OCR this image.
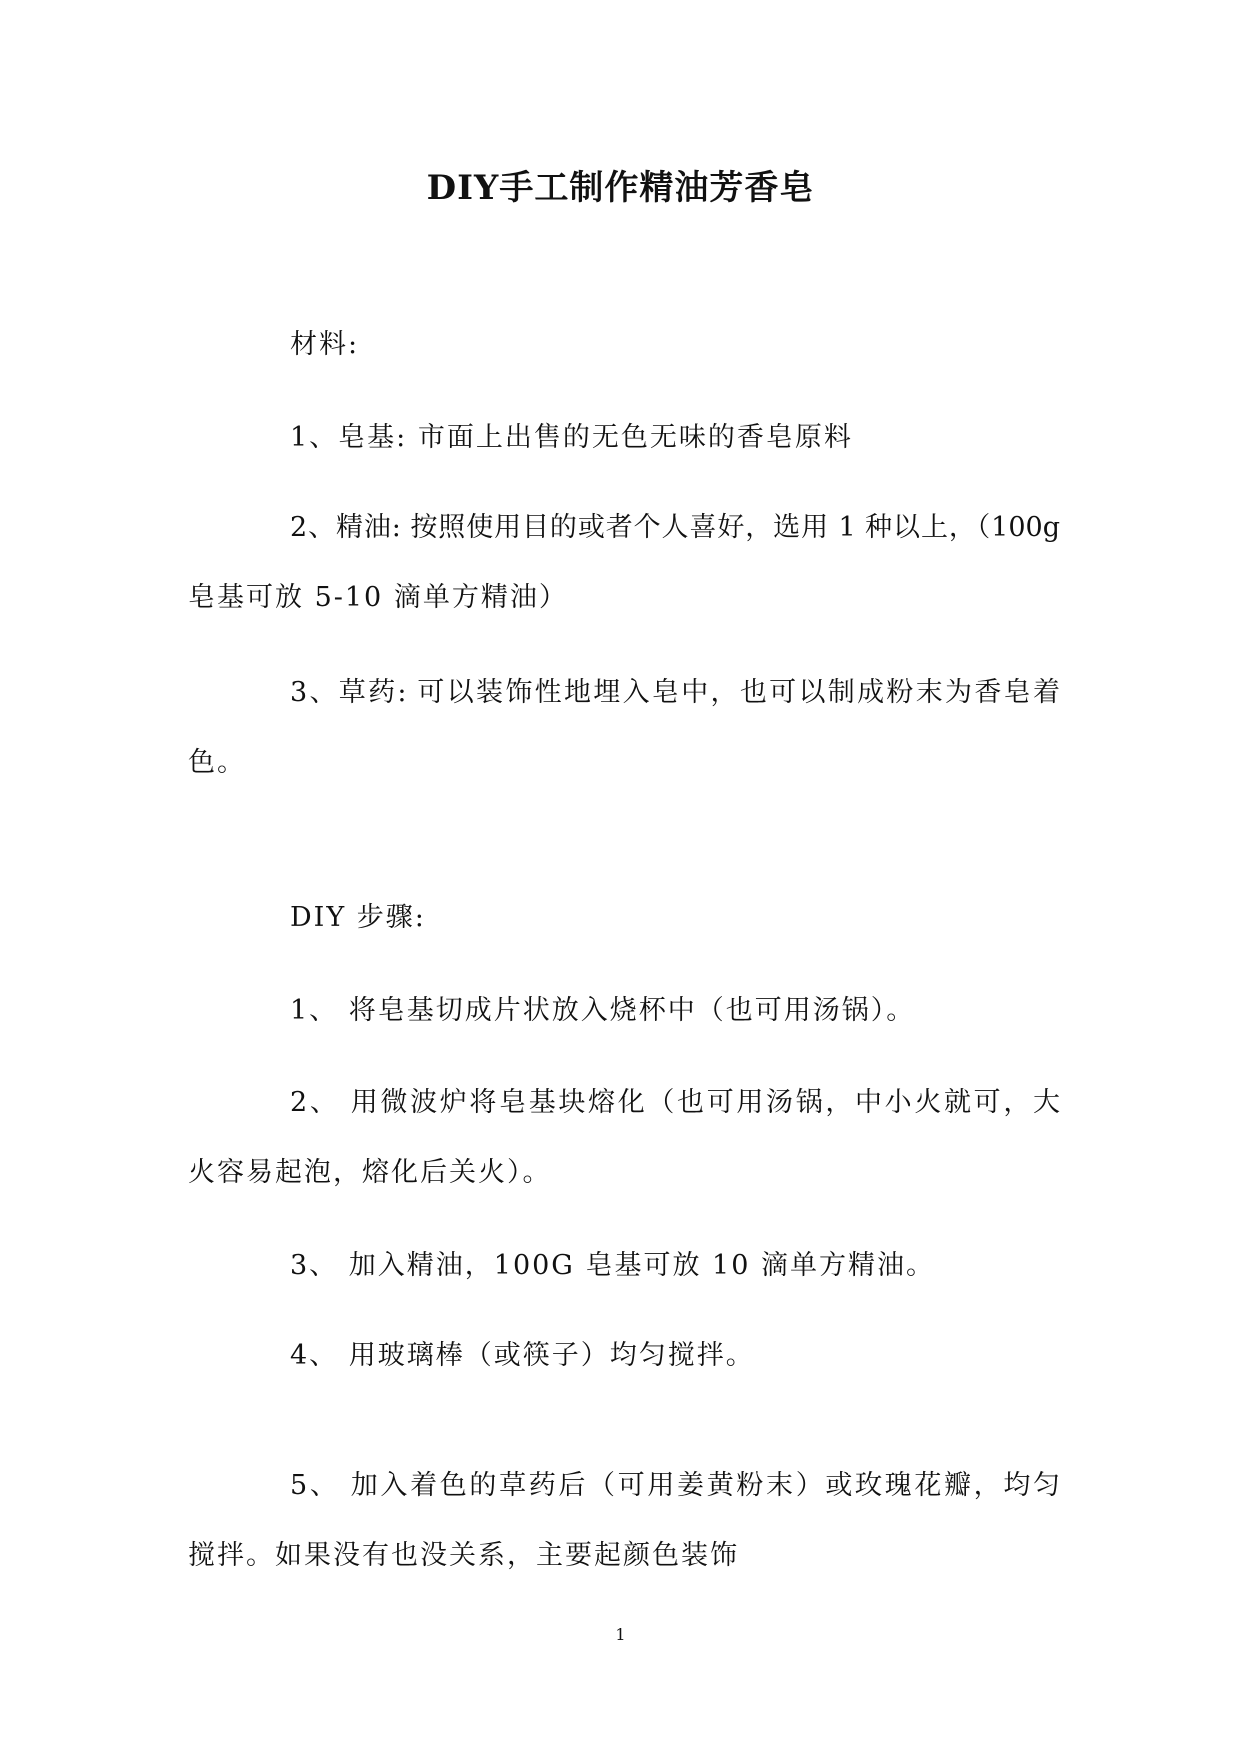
DIY手工制作精油芳香皂
材料:
1、皂基: 市面上出售的无色无味的香皂原料
2、精油: 按照使用目的或者个人喜好，选用 1 种以上，（100g
皂基可放 5-10 滴单方精油）
3、草药: 可以装饰性地埋入皂中，也可以制成粉末为香皂着
色。
DIY 步骤:
1、 将皂基切成片状放入烧杯中（也可用汤锅）。
2、 用微波炉将皂基块熔化（也可用汤锅，中小火就可，大
火容易起泡，熔化后关火）。
3、 加入精油，100G 皂基可放 10 滴单方精油。
4、 用玻璃棒（或筷子）均匀搅拌。
5、 加入着色的草药后（可用姜黄粉末）或玫瑰花瓣，均匀
搅拌。如果没有也没关系，主要起颜色装饰
1
